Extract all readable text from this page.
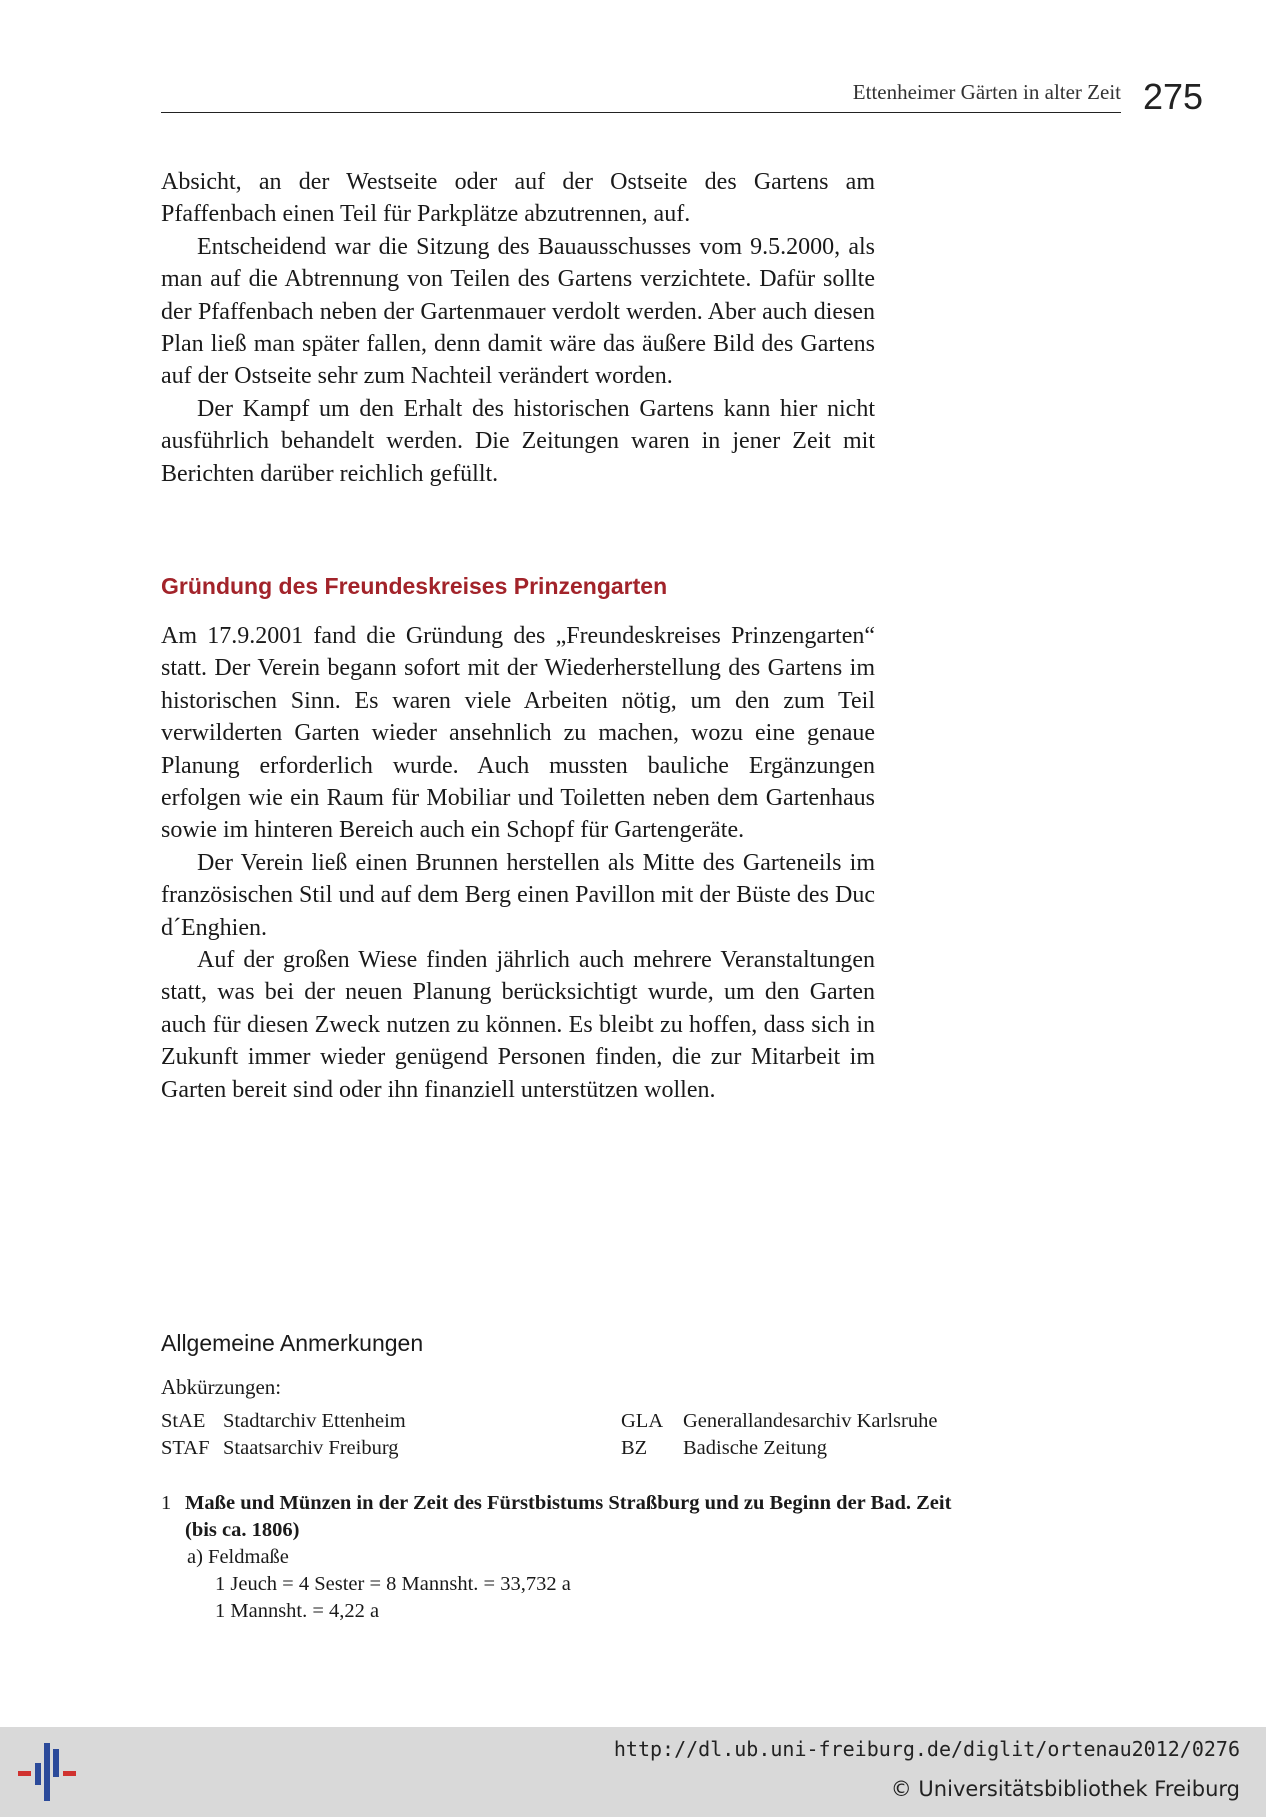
Ettenheimer Gärten in alter Zeit 275

Absicht, an der Westseite oder auf der Ostseite des Gartens am Pfaffenbach einen Teil für Parkplätze abzutrennen, auf.

Entscheidend war die Sitzung des Bauausschusses vom 9.5.2000, als man auf die Abtrennung von Teilen des Gartens verzichtete. Dafür sollte der Pfaffenbach neben der Gartenmauer verdolt werden. Aber auch diesen Plan ließ man später fallen, denn damit wäre das äußere Bild des Gartens auf der Ostseite sehr zum Nachteil verändert worden.

Der Kampf um den Erhalt des historischen Gartens kann hier nicht ausführlich behandelt werden. Die Zeitungen waren in jener Zeit mit Berichten darüber reichlich gefüllt.

Gründung des Freundeskreises Prinzengarten

Am 17.9.2001 fand die Gründung des „Freundeskreises Prinzengarten“ statt. Der Verein begann sofort mit der Wiederherstellung des Gartens im historischen Sinn. Es waren viele Arbeiten nötig, um den zum Teil verwilderten Garten wieder ansehnlich zu machen, wozu eine genaue Planung erforderlich wurde. Auch mussten bauliche Ergänzungen erfolgen wie ein Raum für Mobiliar und Toiletten neben dem Gartenhaus sowie im hinteren Bereich auch ein Schopf für Gartengeräte.

Der Verein ließ einen Brunnen herstellen als Mitte des Garteneils im französischen Stil und auf dem Berg einen Pavillon mit der Büste des Duc d´Enghien.

Auf der großen Wiese finden jährlich auch mehrere Veranstaltungen statt, was bei der neuen Planung berücksichtigt wurde, um den Garten auch für diesen Zweck nutzen zu können. Es bleibt zu hoffen, dass sich in Zukunft immer wieder genügend Personen finden, die zur Mitarbeit im Garten bereit sind oder ihn finanziell unterstützen wollen.

Allgemeine Anmerkungen
Abkürzungen:
StAE Stadtarchiv Ettenheim	GLA Generallandesarchiv Karlsruhe
STAF Staatsarchiv Freiburg	BZ Badische Zeitung
1 Maße und Münzen in der Zeit des Fürstbistums Straßburg und zu Beginn der Bad. Zeit
(bis ca. 1806)
a) Feldmaße
1 Jeuch = 4 Sester = 8 Mannsht. = 33,732 a
1 Mannsht. = 4,22 a
http://dl.ub.uni-freiburg.de/diglit/ortenau2012/0276
© Universitätsbibliothek Freiburg
